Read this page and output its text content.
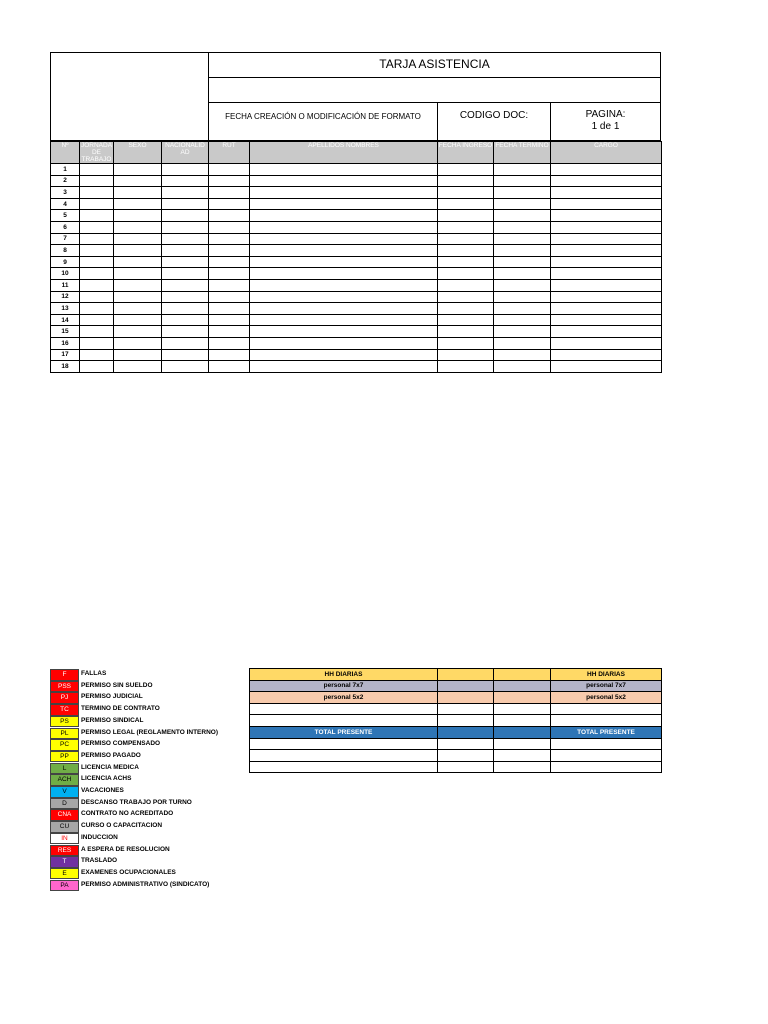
TARJA ASISTENCIA
FECHA CREACIÓN O MODIFICACIÓN DE FORMATO	CODIGO DOC:	PAGINA:
1 de 1
Nº	JORNADA DE TRABAJO	SEXO	NACIONALID AD	RUT	APELLIDOS NOMBRES	FECHA INGRESO	FECHA TERMINO	CARGO
1								
2								
3								
4								
5								
6								
7								
8								
9								
10								
11								
12								
13								
14								
15								
16								
17								
18								
F	FALLAS
PSS	PERMISO SIN SUELDO
PJ	PERMISO JUDICIAL
TC	TERMINO DE CONTRATO
PS	PERMISO SINDICAL
PL	PERMISO LEGAL (REGLAMENTO INTERNO)
PC	PERMISO COMPENSADO
PP	PERMISO PAGADO
L	LICENCIA MEDICA
ACH	LICENCIA ACHS
V	VACACIONES
D	DESCANSO TRABAJO POR TURNO
CNA	CONTRATO NO ACREDITADO
CU	CURSO O CAPACITACION
IN	INDUCCION
RES	A ESPERA DE RESOLUCION
T	TRASLADO
E	EXAMENES OCUPACIONALES
PA	PERMISO ADMINISTRATIVO (SINDICATO)
HH DIARIAS			HH DIARIAS
personal 7x7			personal 7x7
personal 5x2			personal 5x2

TOTAL PRESENTE			TOTAL PRESENTE
